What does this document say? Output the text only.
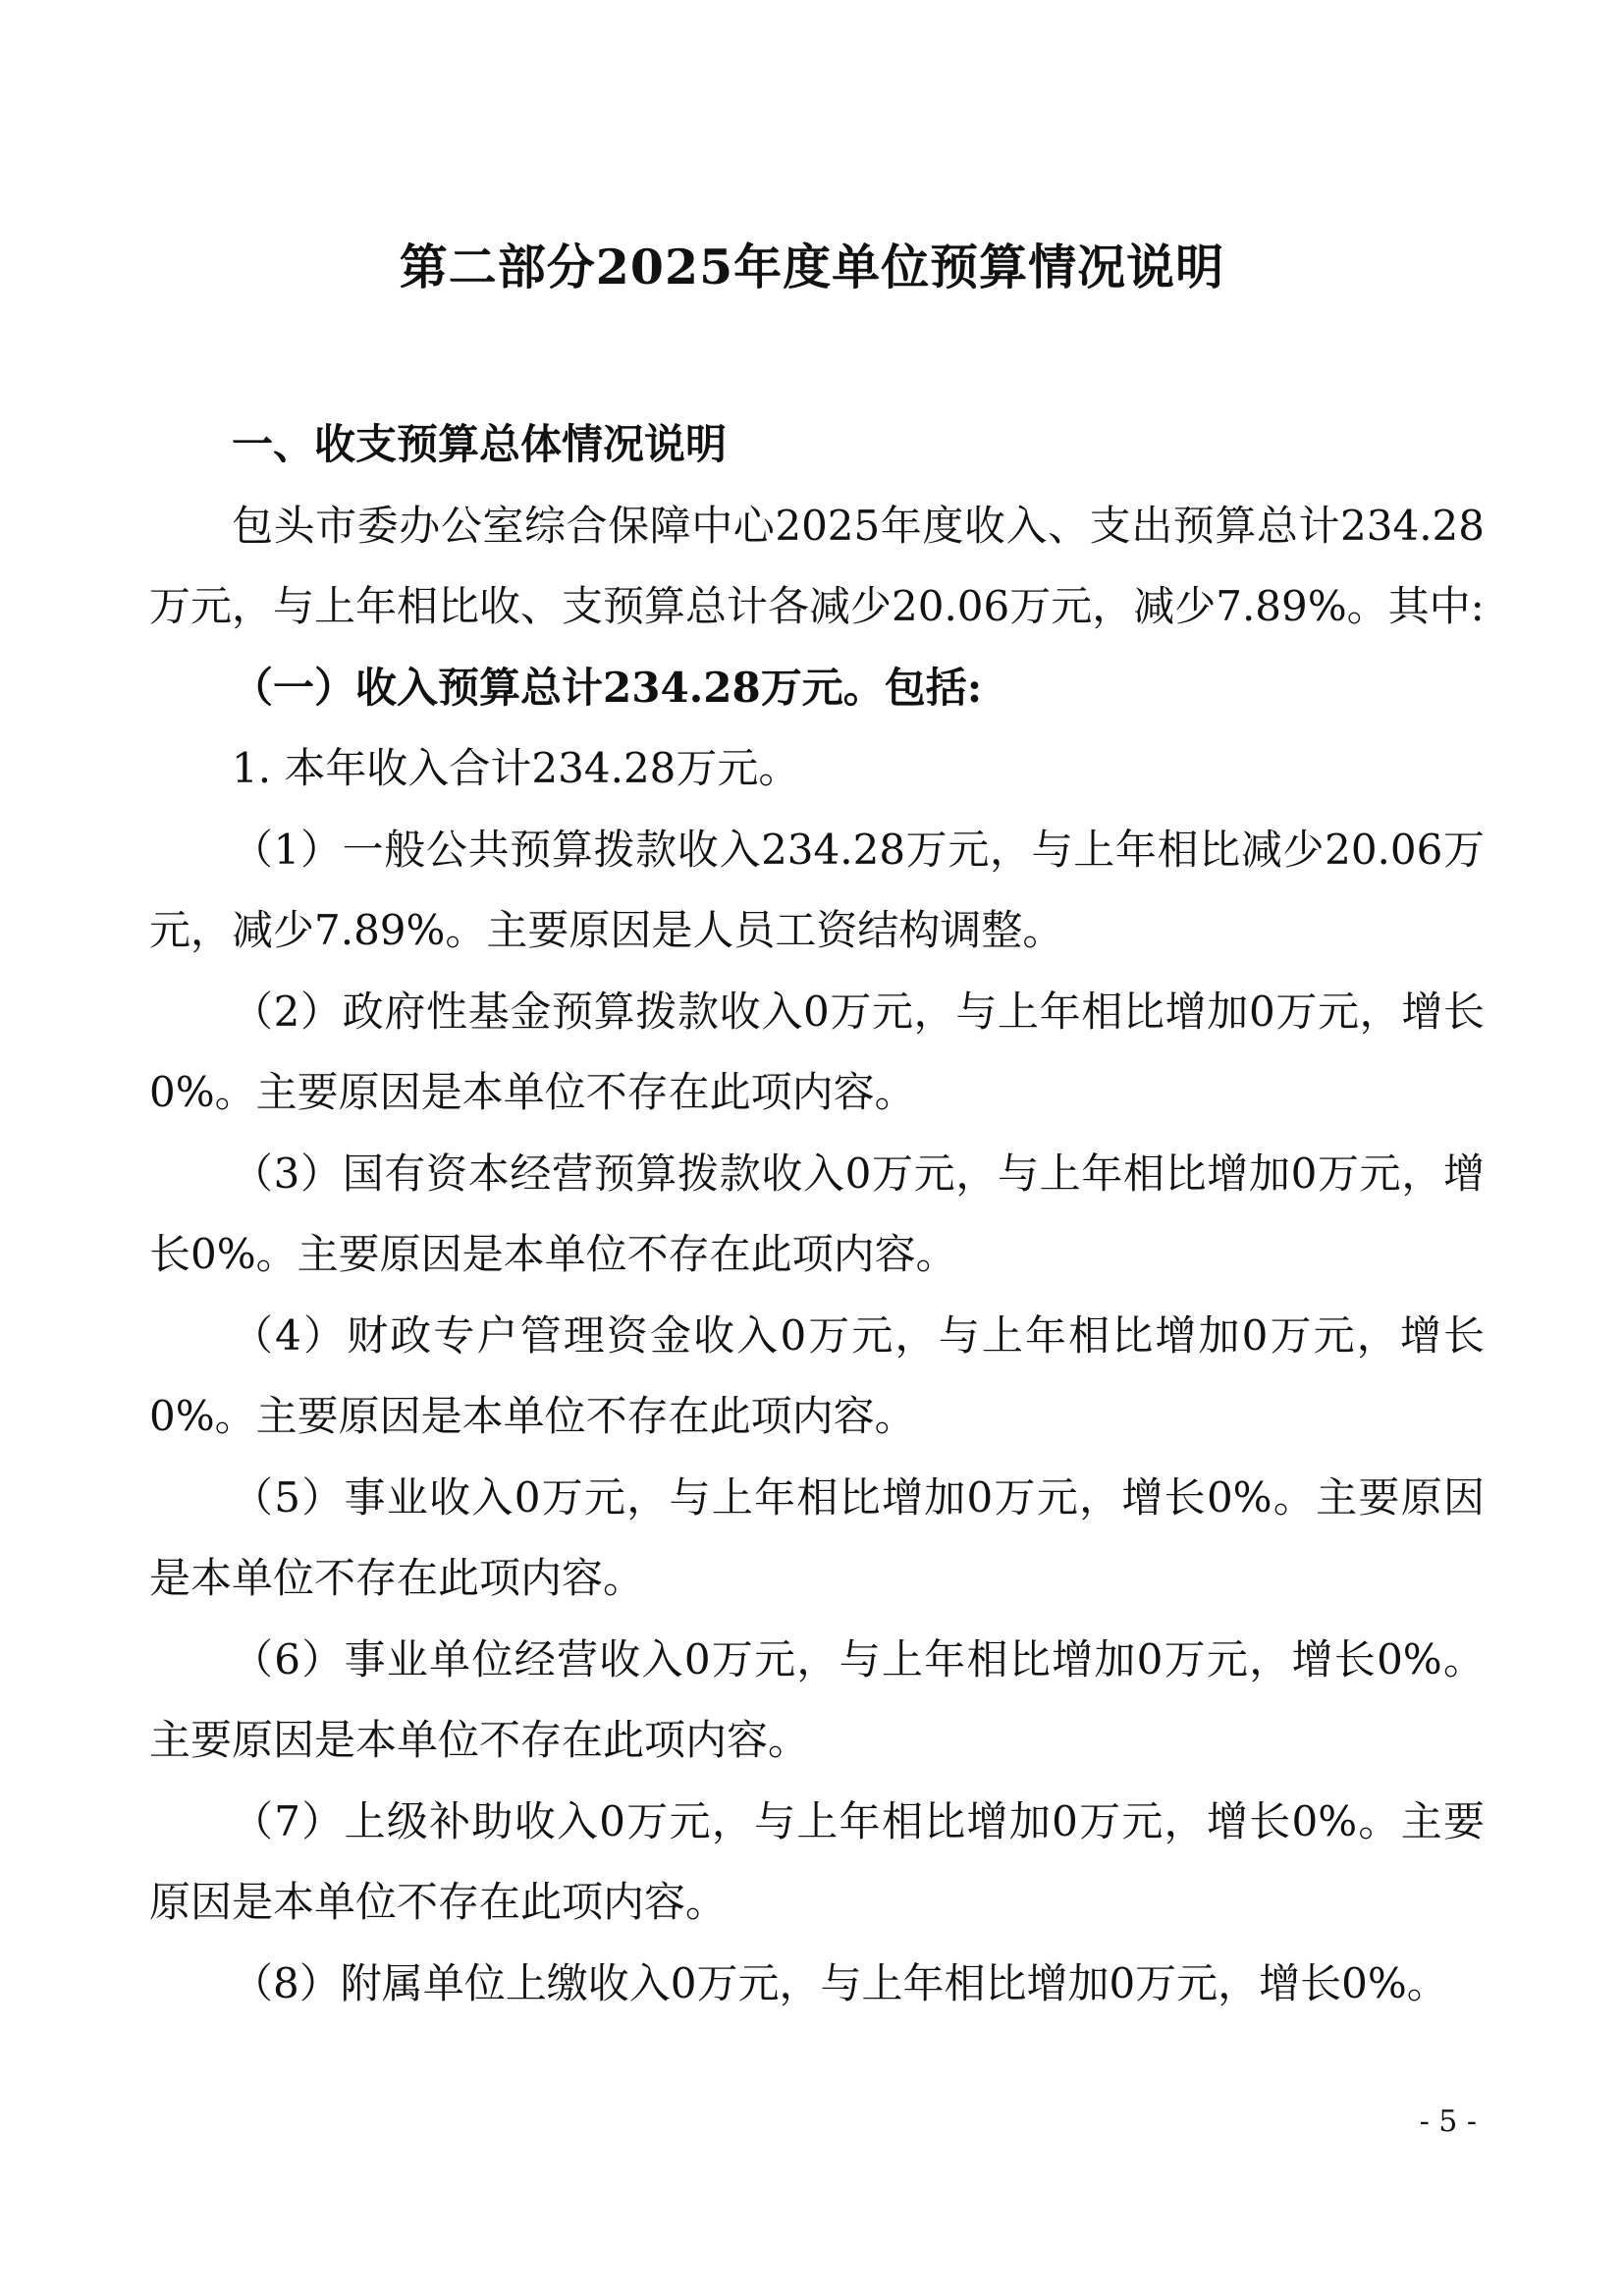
第二部分2025年度单位预算情况说明

一、收支预算总体情况说明

包头市委办公室综合保障中心2025年度收入、支出预算总计234.28万元，与上年相比收、支预算总计各减少20.06万元，减少7.89%。其中:

（一）收入预算总计234.28万元。包括:

1. 本年收入合计234.28万元。

（1）一般公共预算拨款收入234.28万元，与上年相比减少20.06万元，减少7.89%。主要原因是人员工资结构调整。

（2）政府性基金预算拨款收入0万元，与上年相比增加0万元，增长0%。主要原因是本单位不存在此项内容。

（3）国有资本经营预算拨款收入0万元，与上年相比增加0万元，增长0%。主要原因是本单位不存在此项内容。

（4）财政专户管理资金收入0万元，与上年相比增加0万元，增长0%。主要原因是本单位不存在此项内容。

（5）事业收入0万元，与上年相比增加0万元，增长0%。主要原因是本单位不存在此项内容。

（6）事业单位经营收入0万元，与上年相比增加0万元，增长0%。主要原因是本单位不存在此项内容。

（7）上级补助收入0万元，与上年相比增加0万元，增长0%。主要原因是本单位不存在此项内容。

（8）附属单位上缴收入0万元，与上年相比增加0万元，增长0%。

- 5 -
